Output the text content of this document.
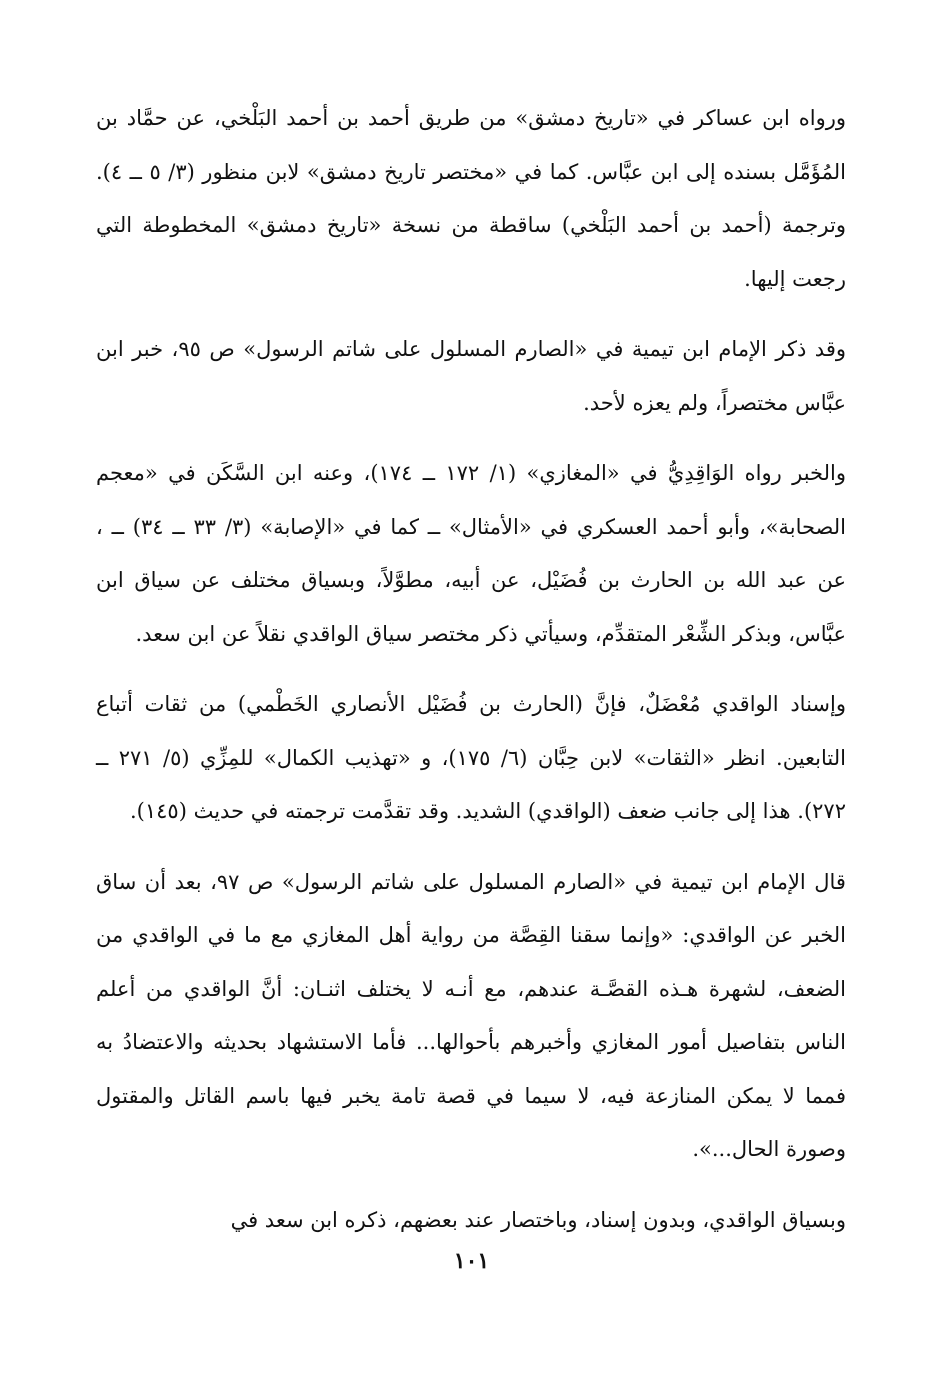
ورواه ابن عساكر في «تاريخ دمشق» من طريق أحمد بن أحمد البَلْخي، عن حمَّاد بن المُؤَمَّل بسنده إلى ابن عبَّاس. كما في «مختصر تاريخ دمشق» لابن منظور (٣/ ٥ ــ ٤). وترجمة (أحمد بن أحمد البَلْخي) ساقطة من نسخة «تاريخ دمشق» المخطوطة التي رجعت إليها.

وقد ذكر الإمام ابن تيمية في «الصارم المسلول على شاتم الرسول» ص ٩٥، خبر ابن عبَّاس مختصراً، ولم يعزه لأحد.

والخبر رواه الوَاقِدِيُّ في «المغازي» (١/ ١٧٢ ــ ١٧٤)، وعنه ابن السَّكَن في «معجم الصحابة»، وأبو أحمد العسكري في «الأمثال» ــ كما في «الإصابة» (٣/ ٣٣ ــ ٣٤) ــ ، عن عبد الله بن الحارث بن فُضَيْل، عن أبيه، مطوَّلاً، وبسياق مختلف عن سياق ابن عبَّاس، وبذكر الشِّعْر المتقدِّم، وسيأتي ذكر مختصر سياق الواقدي نقلاً عن ابن سعد.

وإسناد الواقدي مُعْضَلٌ، فإنَّ (الحارث بن فُضَيْل الأنصاري الخَطْمي) من ثقات أتباع التابعين. انظر «الثقات» لابن حِبَّان (٦/ ١٧٥)، و «تهذيب الكمال» للمِزِّي (٥/ ٢٧١ ــ ٢٧٢). هذا إلى جانب ضعف (الواقدي) الشديد. وقد تقدَّمت ترجمته في حديث (١٤٥).

قال الإمام ابن تيمية في «الصارم المسلول على شاتم الرسول» ص ٩٧، بعد أن ساق الخبر عن الواقدي: «وإنما سقنا القِصَّة من رواية أهل المغازي مع ما في الواقدي من الضعف، لشهرة هـذه القصَّـة عندهم، مع أنـه لا يختلف اثنـان: أنَّ الواقدي من أعلم الناس بتفاصيل أمور المغازي وأخبرهم بأحوالها... فأما الاستشهاد بحديثه والاعتضادُ به فمما لا يمكن المنازعة فيه، لا سيما في قصة تامة يخبر فيها باسم القاتل والمقتول وصورة الحال...».

وبسياق الواقدي، وبدون إسناد، وباختصار عند بعضهم، ذكره ابن سعد في

١٠١
